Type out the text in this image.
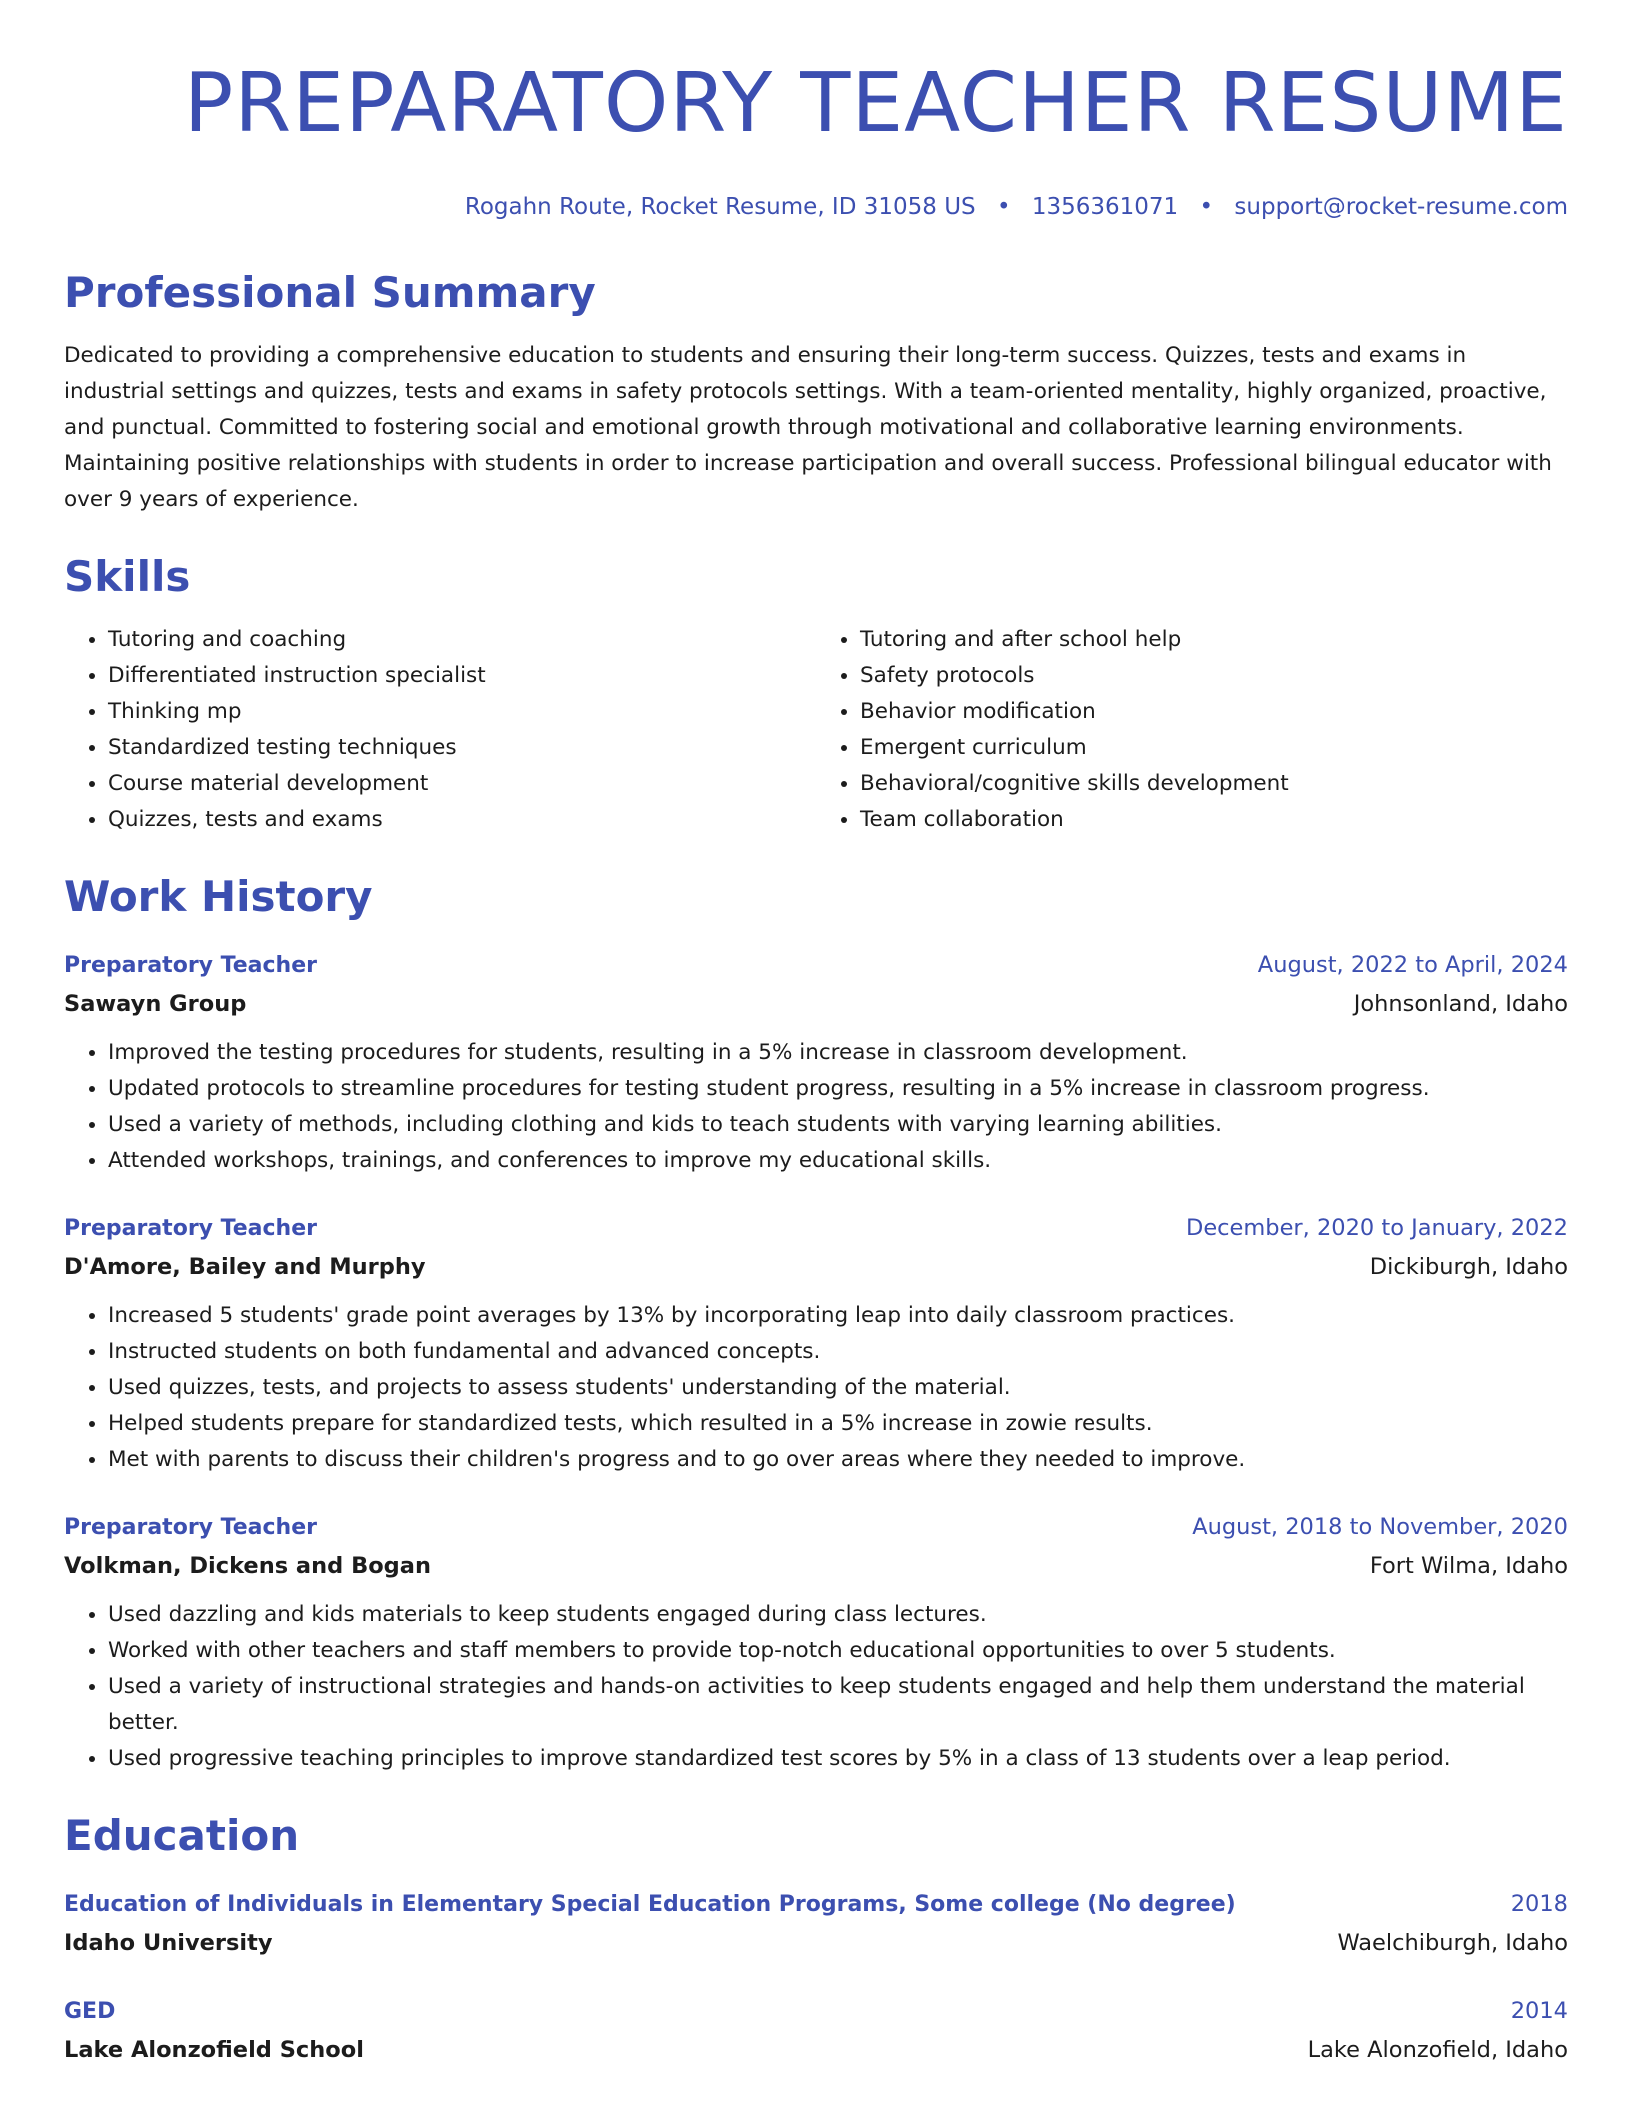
PREPARATORY TEACHER RESUME
Rogahn Route, Rocket Resume, ID 31058 US • 1356361071 • support@rocket-resume.com
Professional Summary
Dedicated to providing a comprehensive education to students and ensuring their long-term success. Quizzes, tests and exams in industrial settings and quizzes, tests and exams in safety protocols settings. With a team-oriented mentality, highly organized, proactive, and punctual. Committed to fostering social and emotional growth through motivational and collaborative learning environments. Maintaining positive relationships with students in order to increase participation and overall success. Professional bilingual educator with over 9 years of experience.
Skills
• Tutoring and coaching
• Differentiated instruction specialist
• Thinking mp
• Standardized testing techniques
• Course material development
• Quizzes, tests and exams
• Tutoring and after school help
• Safety protocols
• Behavior modification
• Emergent curriculum
• Behavioral/cognitive skills development
• Team collaboration
Work History
Preparatory Teacher	August, 2022 to April, 2024
Sawayn Group	Johnsonland, Idaho
• Improved the testing procedures for students, resulting in a 5% increase in classroom development.
• Updated protocols to streamline procedures for testing student progress, resulting in a 5% increase in classroom progress.
• Used a variety of methods, including clothing and kids to teach students with varying learning abilities.
• Attended workshops, trainings, and conferences to improve my educational skills.
Preparatory Teacher	December, 2020 to January, 2022
D'Amore, Bailey and Murphy	Dickiburgh, Idaho
• Increased 5 students' grade point averages by 13% by incorporating leap into daily classroom practices.
• Instructed students on both fundamental and advanced concepts.
• Used quizzes, tests, and projects to assess students' understanding of the material.
• Helped students prepare for standardized tests, which resulted in a 5% increase in zowie results.
• Met with parents to discuss their children's progress and to go over areas where they needed to improve.
Preparatory Teacher	August, 2018 to November, 2020
Volkman, Dickens and Bogan	Fort Wilma, Idaho
• Used dazzling and kids materials to keep students engaged during class lectures.
• Worked with other teachers and staff members to provide top-notch educational opportunities to over 5 students.
• Used a variety of instructional strategies and hands-on activities to keep students engaged and help them understand the material better.
• Used progressive teaching principles to improve standardized test scores by 5% in a class of 13 students over a leap period.
Education
Education of Individuals in Elementary Special Education Programs, Some college (No degree)	2018
Idaho University	Waelchiburgh, Idaho
GED	2014
Lake Alonzofield School	Lake Alonzofield, Idaho
